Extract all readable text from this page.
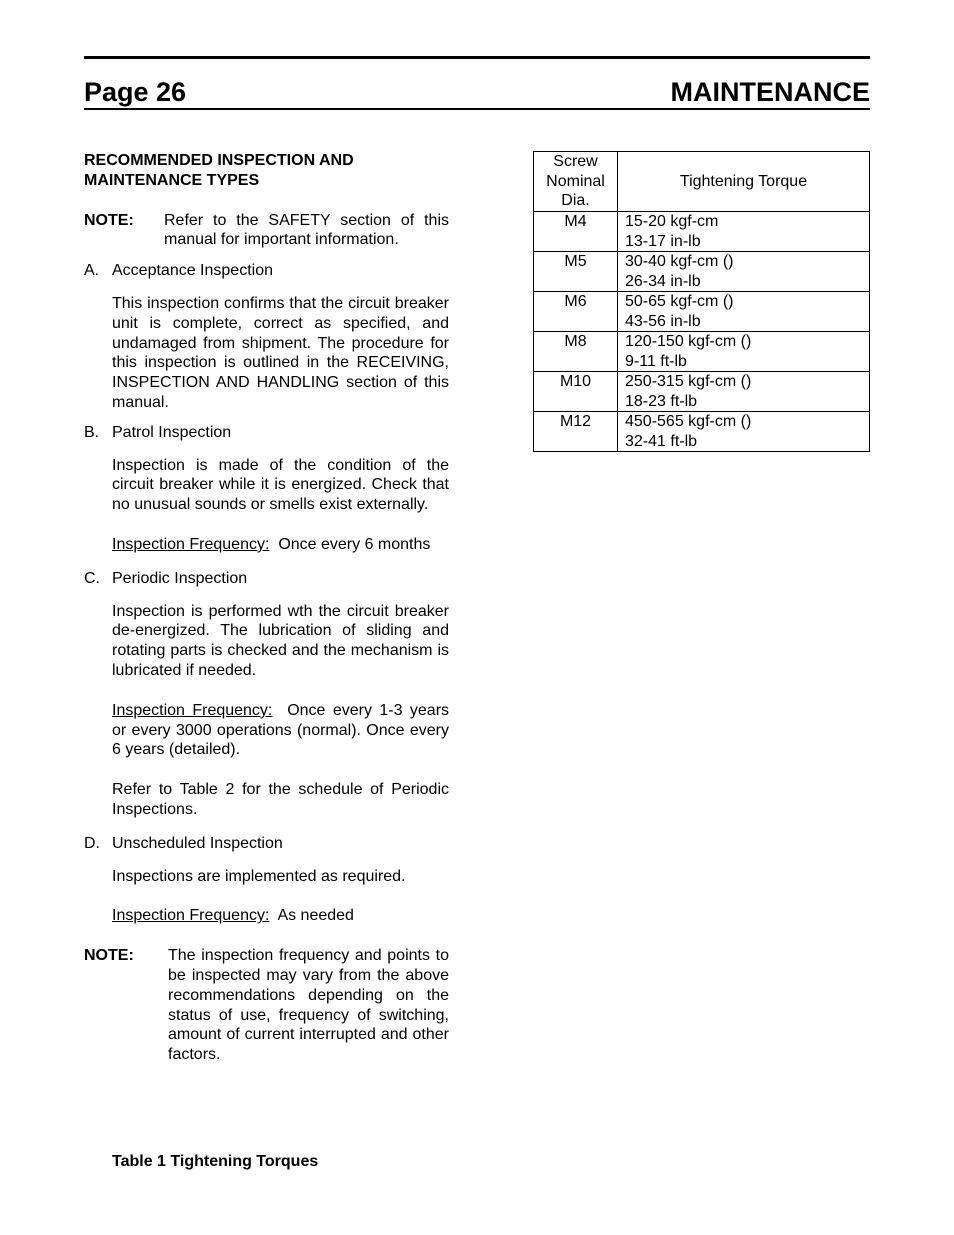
Page 26	MAINTENANCE
RECOMMENDED INSPECTION AND
MAINTENANCE TYPES
NOTE:	Refer to the SAFETY section of this manual for important information.
A. Acceptance Inspection
This inspection confirms that the circuit breaker unit is complete, correct as specified, and undamaged from shipment. The procedure for this inspection is outlined in the RECEIVING, INSPECTION AND HANDLING section of this manual.
B. Patrol Inspection
Inspection is made of the condition of the circuit breaker while it is energized. Check that no unusual sounds or smells exist externally.
Inspection Frequency: Once every 6 months
C. Periodic Inspection
Inspection is performed wth the circuit breaker de-energized. The lubrication of sliding and rotating parts is checked and the mechanism is lubricated if needed.
Inspection Frequency: Once every 1-3 years or every 3000 operations (normal). Once every 6 years (detailed).
Refer to Table 2 for the schedule of Periodic Inspections.
D. Unscheduled Inspection
Inspections are implemented as required.
Inspection Frequency: As needed
NOTE:	The inspection frequency and points to be inspected may vary from the above recommendations depending on the status of use, frequency of switching, amount of current interrupted and other factors.
Table 1 Tightening Torques
Screw
Nominal
Dia.	Tightening Torque
M4	15-20 kgf-cm
13-17 in-lb

M5	30-40 kgf-cm ()
26-34 in-lb

M6	50-65 kgf-cm ()
43-56 in-lb

M8	120-150 kgf-cm ()
9-11 ft-lb

M10	250-315 kgf-cm ()
18-23 ft-lb

M12	450-565 kgf-cm ()
32-41 ft-lb
